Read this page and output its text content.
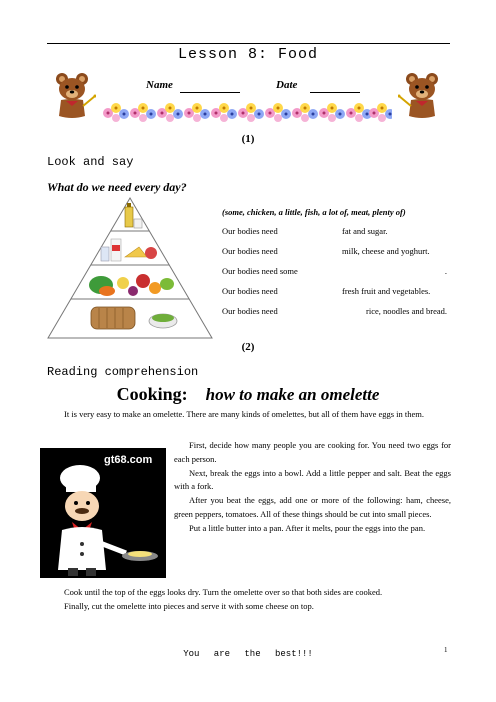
Lesson 8: Food
Name	Date
(1)
Look and say
What do we need every day?
(some, chicken, a little, fish, a lot of, meat, plenty of)
Our bodies need	fat and sugar.
Our bodies need	milk, cheese and yoghurt.
Our bodies need some	.
Our bodies need	fresh fruit and vegetables.
Our bodies need	rice, noodles and bread.
(2)
Reading comprehension
Cooking: how to make an omelette
It is very easy to make an omelette. There are many kinds of omelettes, but all of them have eggs in them.
gt68.com

First, decide how many people you are cooking for. You need two eggs for each person.

Next, break the eggs into a bowl. Add a little pepper and salt. Beat the eggs with a fork.

After you beat the eggs, add one or more of the following: ham, cheese, green peppers, tomatoes. All of these things should be cut into small pieces.

Put a little butter into a pan. After it melts, pour the eggs into the pan.

Cook until the top of the eggs looks dry. Turn the omelette over so that both sides are cooked.

Finally, cut the omelette into pieces and serve it with some cheese on top.

You are the best!!!	1
